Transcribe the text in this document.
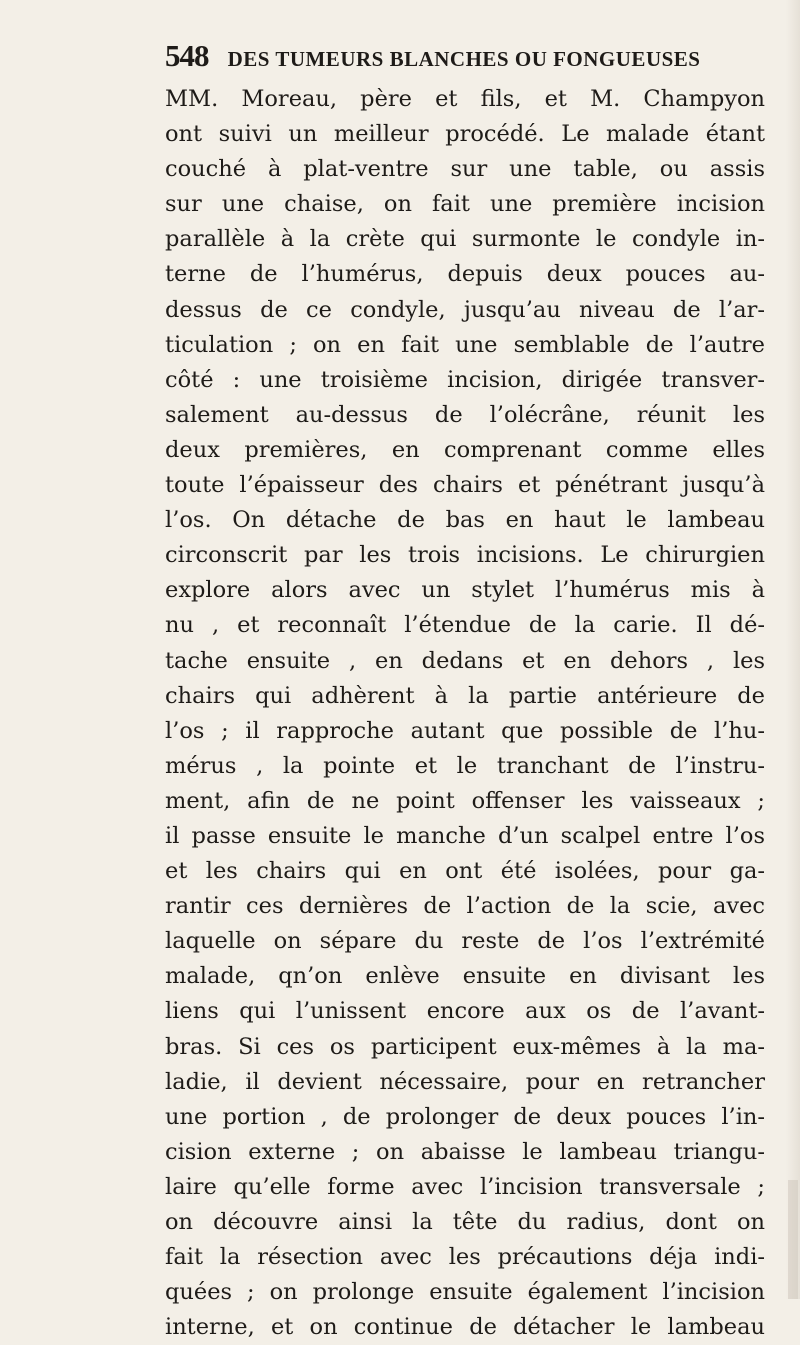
548 DES TUMEURS BLANCHES OU FONGUEUSES
MM. Moreau, père et fils, et M. Champyon
ont suivi un meilleur procédé. Le malade étant
couché à plat-ventre sur une table, ou assis
sur une chaise, on fait une première incision
parallèle à la crète qui surmonte le condyle in-
terne de l’humérus, depuis deux pouces au-
dessus de ce condyle, jusqu’au niveau de l’ar-
ticulation ; on en fait une semblable de l’autre
côté : une troisième incision, dirigée transver-
salement au-dessus de l’olécrâne, réunit les
deux premières, en comprenant comme elles
toute l’épaisseur des chairs et pénétrant jusqu’à
l’os. On détache de bas en haut le lambeau
circonscrit par les trois incisions. Le chirurgien
explore alors avec un stylet l’humérus mis à
nu , et reconnaît l’étendue de la carie. Il dé-
tache ensuite , en dedans et en dehors , les
chairs qui adhèrent à la partie antérieure de
l’os ; il rapproche autant que possible de l’hu-
mérus , la pointe et le tranchant de l’instru-
ment, afin de ne point offenser les vaisseaux ;
il passe ensuite le manche d’un scalpel entre l’os
et les chairs qui en ont été isolées, pour ga-
rantir ces dernières de l’action de la scie, avec
laquelle on sépare du reste de l’os l’extrémité
malade, qn’on enlève ensuite en divisant les
liens qui l’unissent encore aux os de l’avant-
bras. Si ces os participent eux-mêmes à la ma-
ladie, il devient nécessaire, pour en retrancher
une portion , de prolonger de deux pouces l’in-
cision externe ; on abaisse le lambeau triangu-
laire qu’elle forme avec l’incision transversale ;
on découvre ainsi la tête du radius, dont on
fait la résection avec les précautions déja indi-
quées ; on prolonge ensuite également l’incision
interne, et on continue de détacher le lambeau
